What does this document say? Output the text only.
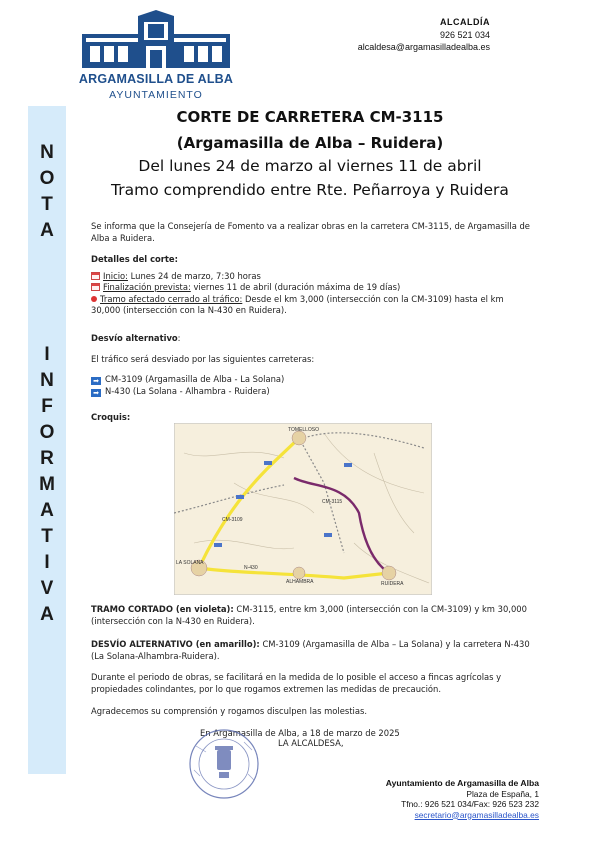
ARGAMASILLA DE ALBA
AYUNTAMIENTO
ALCALDÍA
926 521 034
alcaldesa@argamasilladealba.es
N
O
T
A
I
N
F
O
R
M
A
T
I
V
A
CORTE DE CARRETERA CM-3115
(Argamasilla de Alba – Ruidera)
Del lunes 24 de marzo al viernes 11 de abril
Tramo comprendido entre Rte. Peñarroya y Ruidera
Se informa que la Consejería de Fomento va a realizar obras en la carretera CM-3115, de Argamasilla de Alba a Ruidera.
Detalles del corte:
Inicio: Lunes 24 de marzo, 7:30 horas
Finalización prevista: viernes 11 de abril (duración máxima de 19 días)
Tramo afectado cerrado al tráfico: Desde el km 3,000 (intersección con la CM-3109) hasta el km 30,000 (intersección con la N-430 en Ruidera).
Desvío alternativo:
El tráfico será desviado por las siguientes carreteras:
➡ CM-3109 (Argamasilla de Alba - La Solana)
➡ N-430 (La Solana - Alhambra - Ruidera)
Croquis:
TOMELLOSO
CM-3109
LA SOLANA
N-430
ALHAMBRA	RUIDERA
CM-3115
TRAMO CORTADO (en violeta): CM-3115, entre km 3,000 (intersección con la CM-3109) y km 30,000 (intersección con la N-430 en Ruidera).
DESVÍO ALTERNATIVO (en amarillo): CM-3109 (Argamasilla de Alba – La Solana) y la carretera N-430 (La Solana-Alhambra-Ruidera).
Durante el periodo de obras, se facilitará en la medida de lo posible el acceso a fincas agrícolas y propiedades colindantes, por lo que rogamos extremen las medidas de precaución.
Agradecemos su comprensión y rogamos disculpen las molestias.
En Argamasilla de Alba, a 18 de marzo de 2025
LA ALCALDESA,
Ayuntamiento de Argamasilla de Alba
Plaza de España, 1
Tfno.: 926 521 034/Fax: 926 523 232
secretario@argamasilladealba.es
